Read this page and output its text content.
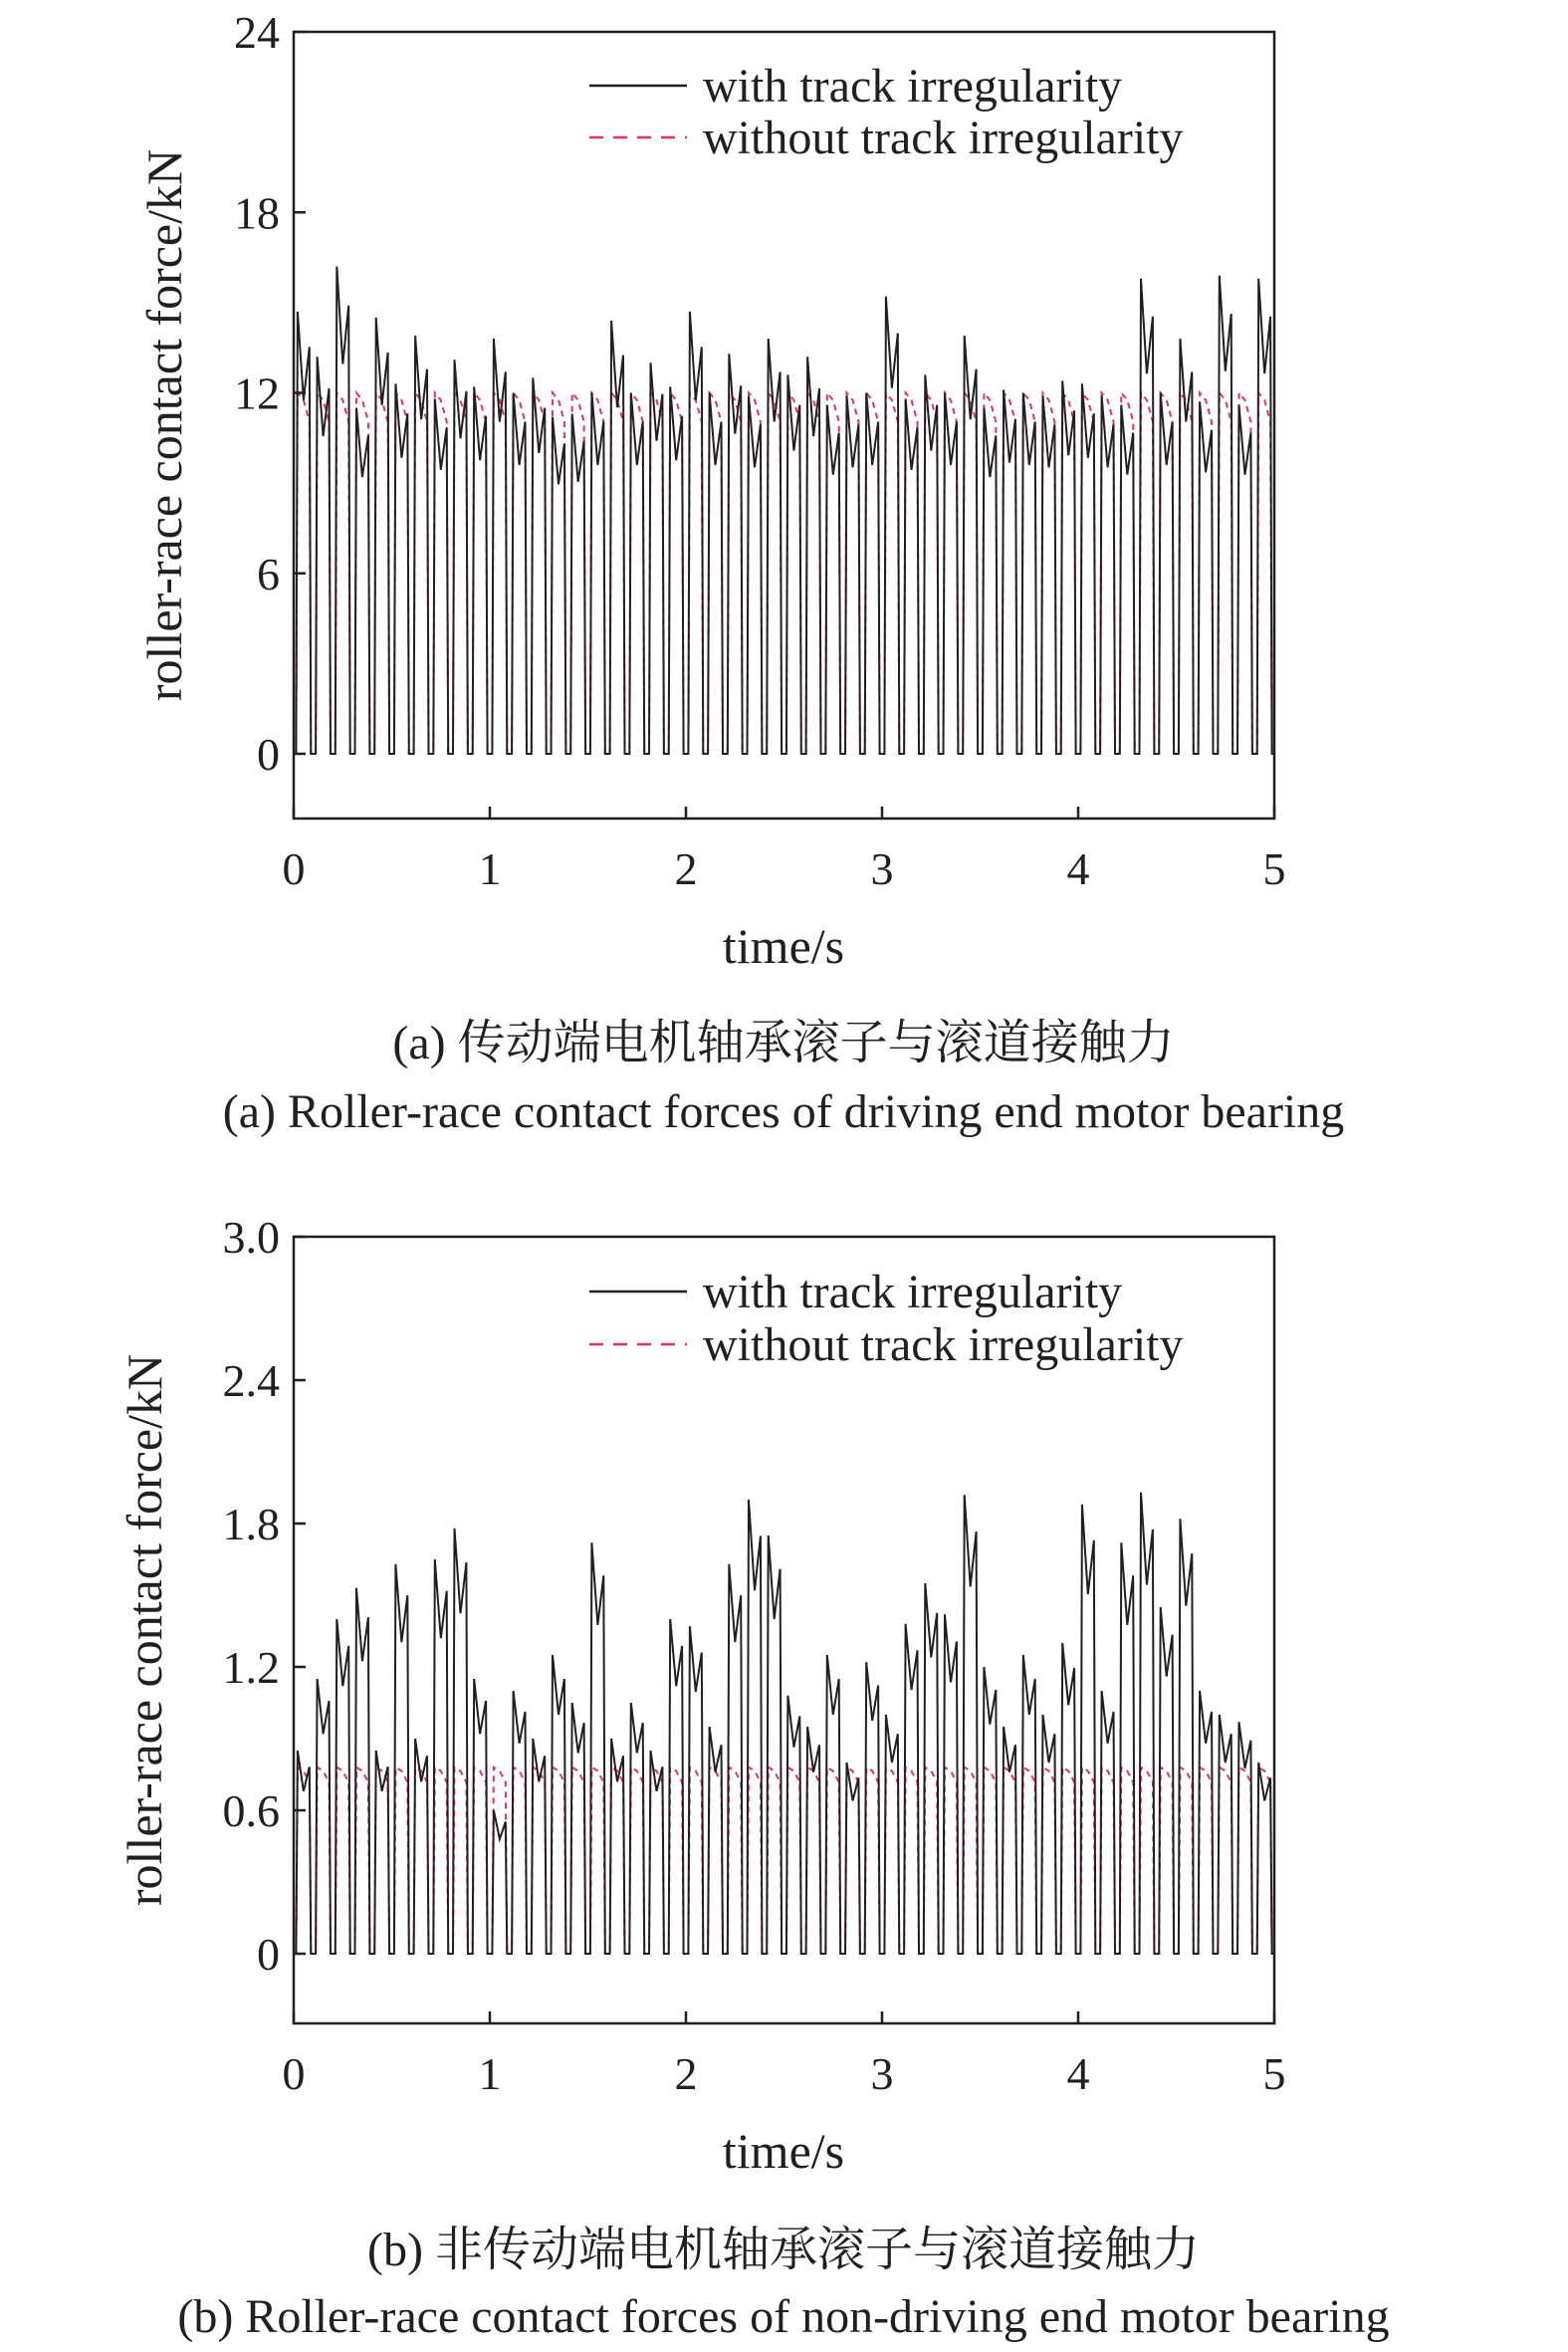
0
6
12
18
24
0	1	2	3	4	5
time/s
roller-race contact force/kN
with track irregularity
without track irregularity
(a) 传动端电机轴承滚子与滚道接触力
(a) Roller-race contact forces of driving end motor bearing
0
0.6
1.2
1.8
2.4
3.0
0	1	2	3	4	5
time/s
roller-race contact force/kN
with track irregularity
without track irregularity
(b) 非传动端电机轴承滚子与滚道接触力
(b) Roller-race contact forces of non-driving end motor bearing
